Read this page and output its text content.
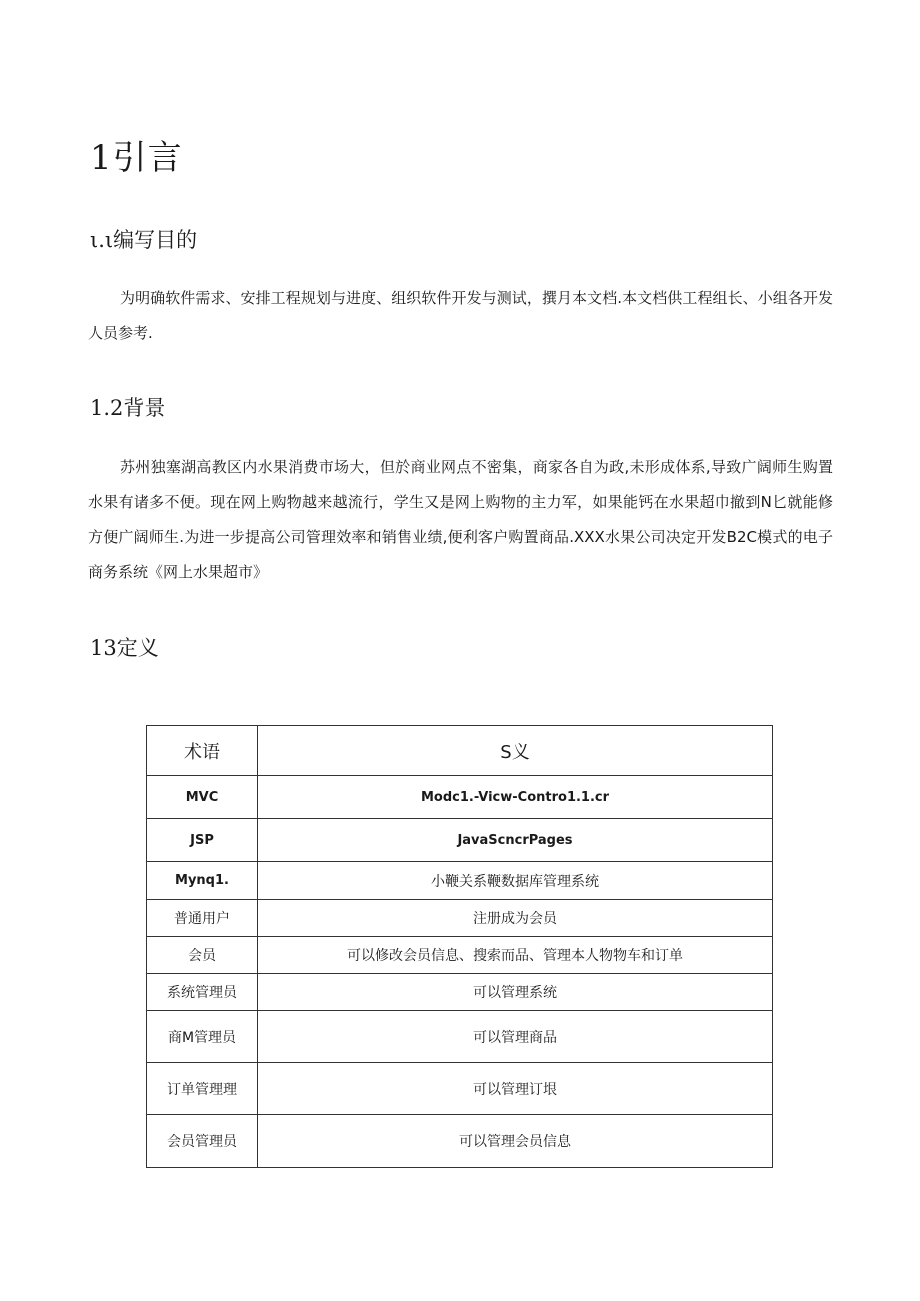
1引言
ι.ι编写目的

为明确软件需求、安排工程规划与进度、组织软件开发与测试，撰月本文档.本文档供工程组长、小组各开发人员参考.

1.2背景

苏州独塞湖高教区内水果消费市场大，但於商业网点不密集，商家各自为政,未形成体系,导致广阔师生购置水果有诸多不便。现在网上购物越来越流行，学生又是网上购物的主力军，如果能钙在水果超巾撤到N匕就能修方便广阔师生.为进一步提高公司管理效率和销售业绩,便利客户购置商品.XXX水果公司决定开发B2C模式的电子商务系统《网上水果超市》

13定义
术语	S义
MVC	Modc1.-Vicw-Contro1.1.cr
JSP	JavaScncrPages
Mynq1.	小鞭关系鞭数据库管理系统
普通用户	注册成为会员
会员	可以修改会员信息、搜索而品、管理本人物物车和订单
系统管理员	可以管理系统
商M管理员	可以管理商品
订单管理理	可以管理订垠
会员管理员	可以管理会员信息
